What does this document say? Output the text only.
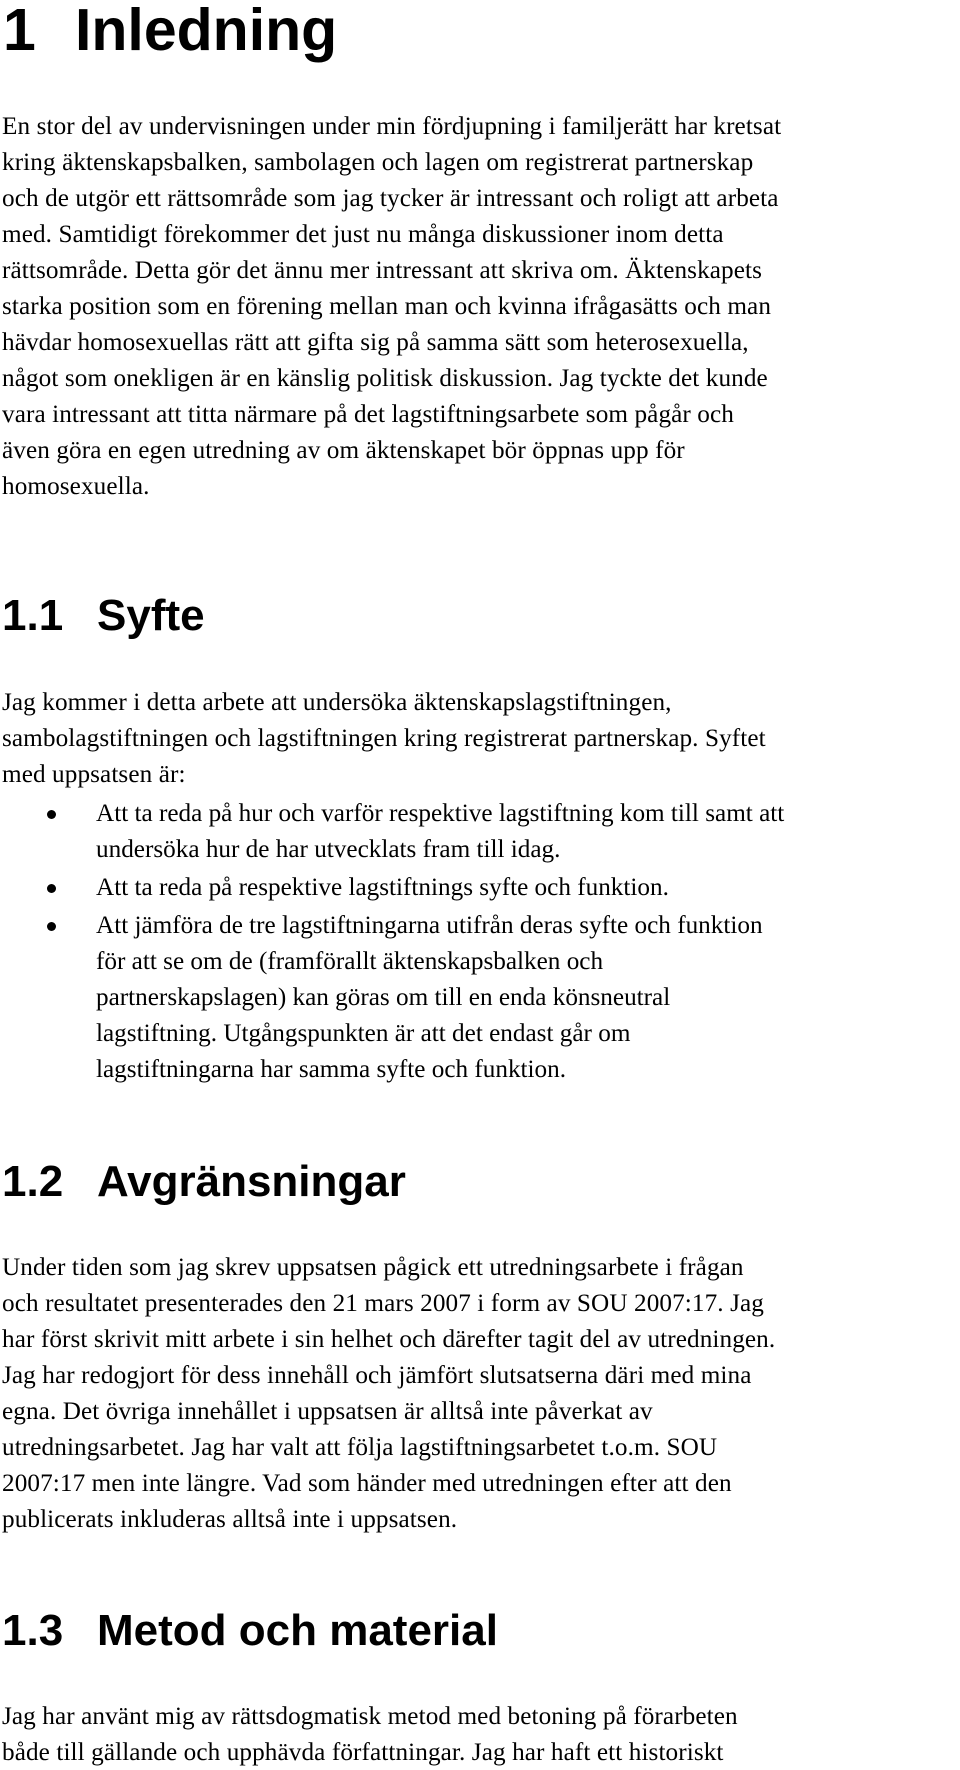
1 Inledning

En stor del av undervisningen under min fördjupning i familjerätt har kretsat
kring äktenskapsbalken, sambolagen och lagen om registrerat partnerskap
och de utgör ett rättsområde som jag tycker är intressant och roligt att arbeta
med. Samtidigt förekommer det just nu många diskussioner inom detta
rättsområde. Detta gör det ännu mer intressant att skriva om. Äktenskapets
starka position som en förening mellan man och kvinna ifrågasätts och man
hävdar homosexuellas rätt att gifta sig på samma sätt som heterosexuella,
något som onekligen är en känslig politisk diskussion. Jag tyckte det kunde
vara intressant att titta närmare på det lagstiftningsarbete som pågår och
även göra en egen utredning av om äktenskapet bör öppnas upp för
homosexuella.

1.1 Syfte

Jag kommer i detta arbete att undersöka äktenskapslagstiftningen,
sambolagstiftningen och lagstiftningen kring registrerat partnerskap. Syftet
med uppsatsen är:

Att ta reda på hur och varför respektive lagstiftning kom till samt att
undersöka hur de har utvecklats fram till idag.
Att ta reda på respektive lagstiftnings syfte och funktion.
Att jämföra de tre lagstiftningarna utifrån deras syfte och funktion
för att se om de (framförallt äktenskapsbalken och
partnerskapslagen) kan göras om till en enda könsneutral
lagstiftning. Utgångspunkten är att det endast går om
lagstiftningarna har samma syfte och funktion.
1.2 Avgränsningar

Under tiden som jag skrev uppsatsen pågick ett utredningsarbete i frågan
och resultatet presenterades den 21 mars 2007 i form av SOU 2007:17. Jag
har först skrivit mitt arbete i sin helhet och därefter tagit del av utredningen.
Jag har redogjort för dess innehåll och jämfört slutsatserna däri med mina
egna. Det övriga innehållet i uppsatsen är alltså inte påverkat av
utredningsarbetet. Jag har valt att följa lagstiftningsarbetet t.o.m. SOU
2007:17 men inte längre. Vad som händer med utredningen efter att den
publicerats inkluderas alltså inte i uppsatsen.

1.3 Metod och material

Jag har använt mig av rättsdogmatisk metod med betoning på förarbeten
både till gällande och upphävda författningar. Jag har haft ett historiskt
